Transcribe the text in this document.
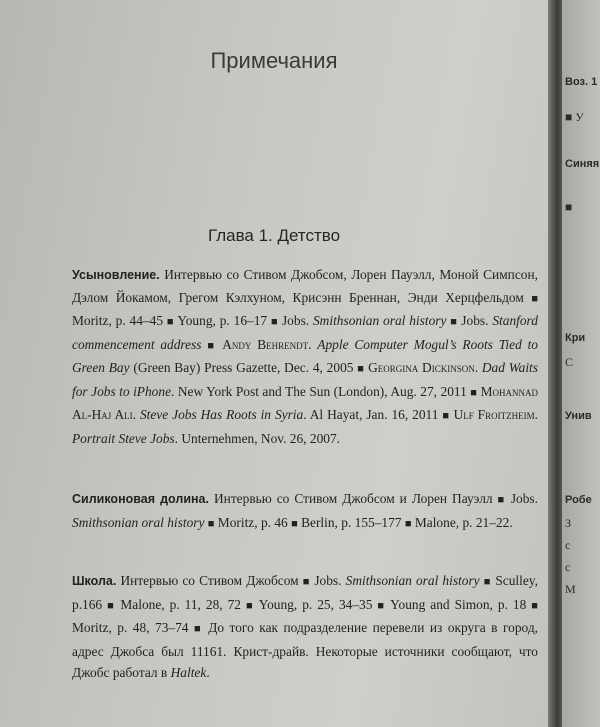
Примечания
Глава 1. Детство
Усыновление. Интервью со Стивом Джобсом, Лорен Пауэлл, Моной Симпсон, Дэлом Йокамом, Грегом Кэлхуном, Крисэнн Бреннан, Энди Херцфельдом ■ Moritz, p. 44–45 ■ Young, p. 16–17 ■ Jobs. Smithsonian oral history ■ Jobs. Stanford commencement address ■ Andy Behrendt. Apple Computer Mogul’s Roots Tied to Green Bay (Green Bay) Press Gazette, Dec. 4, 2005 ■ Georgina Dickinson. Dad Waits for Jobs to iPhone. New York Post and The Sun (London), Aug. 27, 2011 ■ Mohannad Al-Haj Ali. Steve Jobs Has Roots in Syria. Al Hayat, Jan. 16, 2011 ■ Ulf Froitzheim. Portrait Steve Jobs. Unternehmen, Nov. 26, 2007.
Силиконовая долина. Интервью со Стивом Джобсом и Лорен Пауэлл ■ Jobs. Smithsonian oral history ■ Moritz, p. 46 ■ Berlin, p. 155–177 ■ Malone, p. 21–22.
Школа. Интервью со Стивом Джобсом ■ Jobs. Smithsonian oral history ■ Sculley, p.166 ■ Malone, p. 11, 28, 72 ■ Young, p. 25, 34–35 ■ Young and Simon, p. 18 ■ Moritz, p. 48, 73–74 ■ До того как подразделение перевели из округа в город, адрес Джобса был 11161. Крист-драйв. Некоторые источники сообщают, что Джобс работал в Haltek.
Воз. 1
■ У
Синяя
■
Кри
С
Унив
Робе
З
с
с
М
